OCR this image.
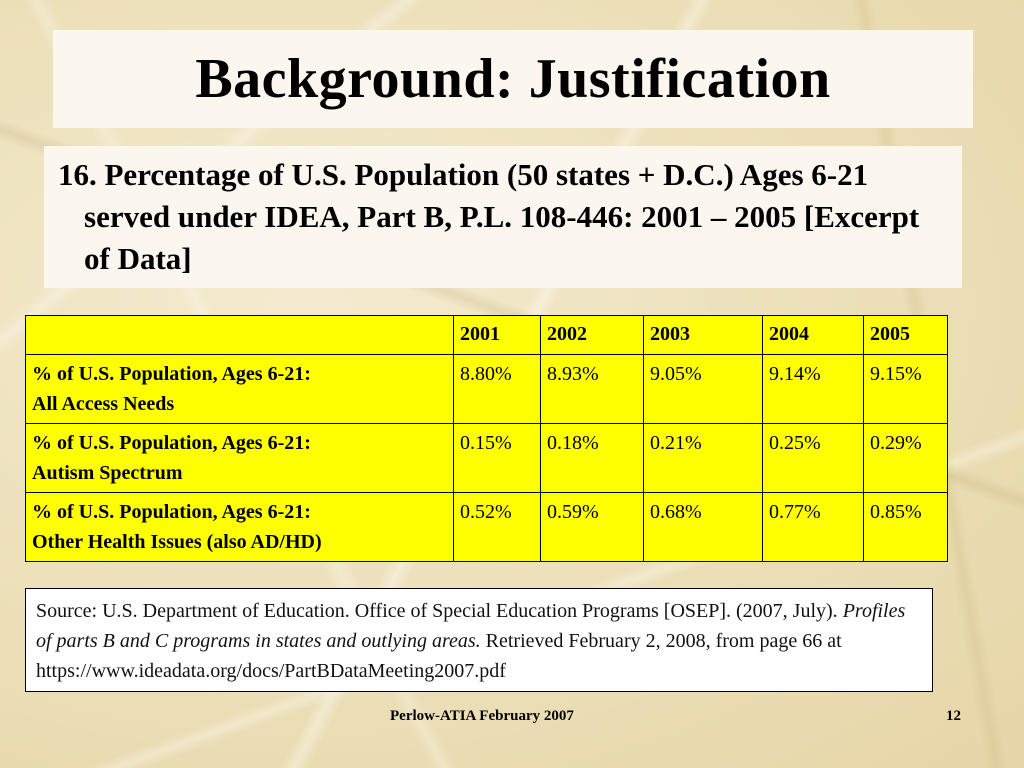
Background: Justification

16. Percentage of U.S. Population (50 states + D.C.) Ages 6-21 served under IDEA, Part B, P.L. 108-446: 2001 – 2005 [Excerpt of Data]

	2001	2002	2003	2004	2005
% of U.S. Population, Ages 6-21:
All Access Needs	8.80%	8.93%	9.05%	9.14%	9.15%
% of U.S. Population, Ages 6-21:
Autism Spectrum	0.15%	0.18%	0.21%	0.25%	0.29%
% of U.S. Population, Ages 6-21:
Other Health Issues (also AD/HD)	0.52%	0.59%	0.68%	0.77%	0.85%
Source: U.S. Department of Education. Office of Special Education Programs [OSEP]. (2007, July). Profiles of parts B and C programs in states and outlying areas. Retrieved February 2, 2008, from page 66 at https://www.ideadata.org/docs/PartBDataMeeting2007.pdf
Perlow-ATIA February 2007	12
